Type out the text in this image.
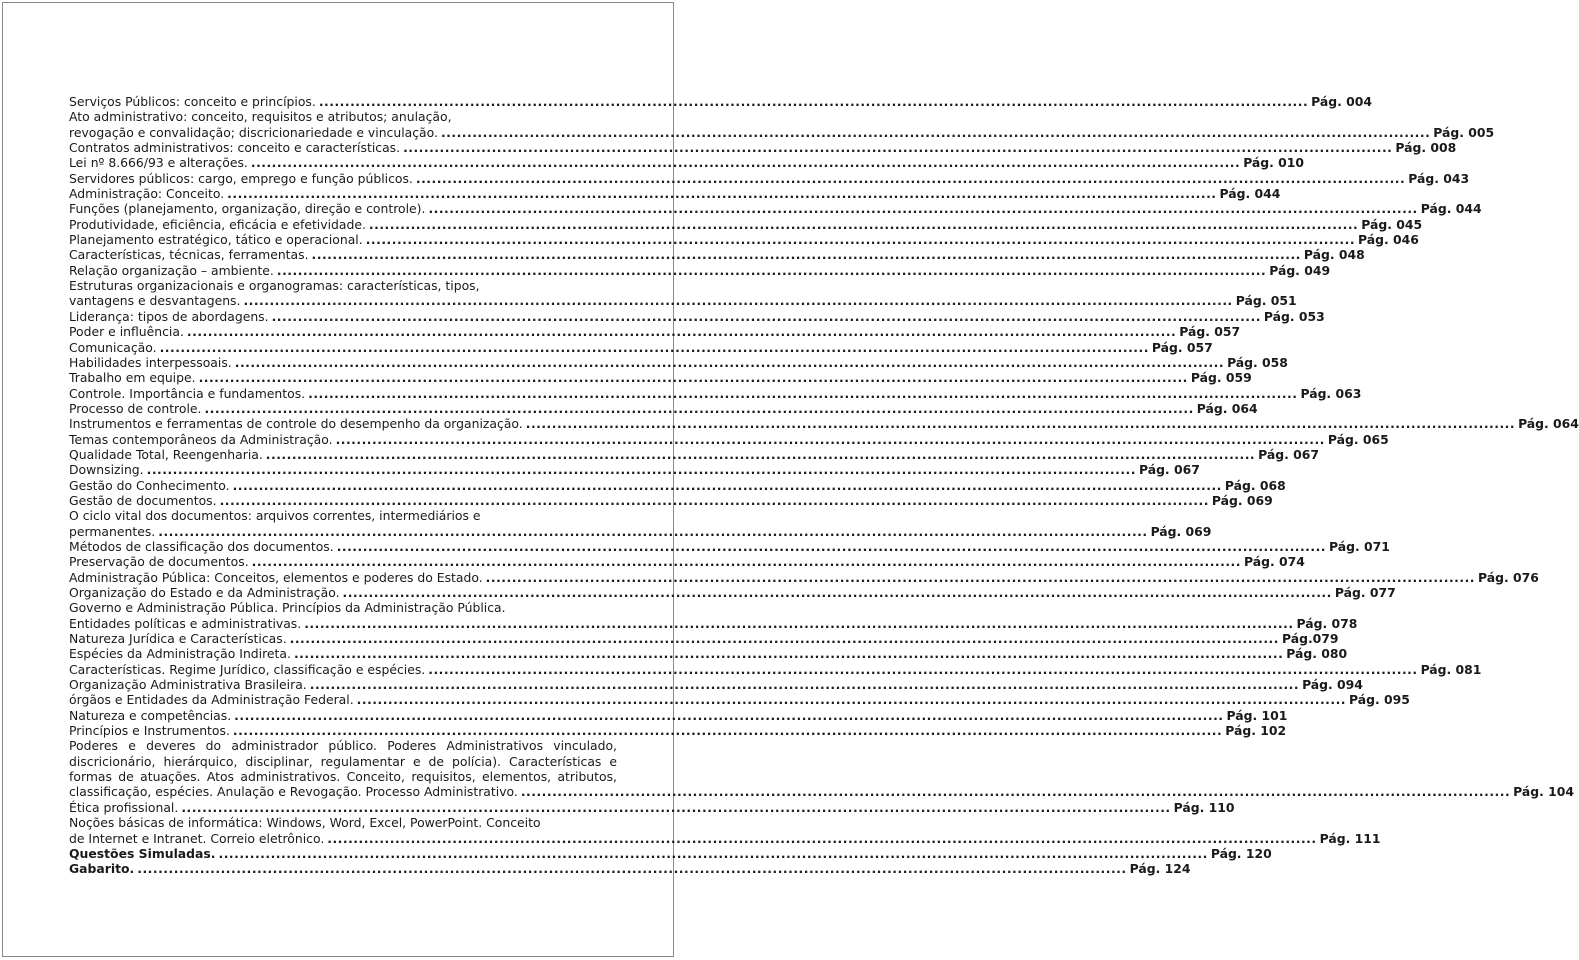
Serviços Públicos: conceito e princípios. .....	Pág. 004
Ato administrativo: conceito, requisitos e atributos; anulação,
revogação e convalidação; discricionariedade e vinculação. .....	Pág. 005
Contratos administrativos: conceito e características. .....	Pág. 008
Lei nº 8.666/93 e alterações. .....	Pág. 010
Servidores públicos: cargo, emprego e função públicos. .....	Pág. 043
Administração: Conceito. .....	Pág. 044
Funções (planejamento, organização, direção e controle). .....	Pág. 044
Produtividade, eficiência, eficácia e efetividade. .....	Pág. 045
Planejamento estratégico, tático e operacional. .....	Pág. 046
Características, técnicas, ferramentas. .....	Pág. 048
Relação organização – ambiente. .....	Pág. 049
Estruturas organizacionais e organogramas: características, tipos,
vantagens e desvantagens. .....	Pág. 051
Liderança: tipos de abordagens. .....	Pág. 053
Poder e influência. .....	Pág. 057
Comunicação. .....	Pág. 057
Habilidades interpessoais. .....	Pág. 058
Trabalho em equipe. .....	Pág. 059
Controle. Importância e fundamentos. .....	Pág. 063
Processo de controle. .....	Pág. 064
Instrumentos e ferramentas de controle do desempenho da organização. .....	Pág. 064
Temas contemporâneos da Administração. .....	Pág. 065
Qualidade Total, Reengenharia. .....	Pág. 067
Downsizing. .....	Pág. 067
Gestão do Conhecimento. .....	Pág. 068
Gestão de documentos. .....	Pág. 069
O ciclo vital dos documentos: arquivos correntes, intermediários e
permanentes. .....	Pág. 069
Métodos de classificação dos documentos. .....	Pág. 071
Preservação de documentos. .....	Pág. 074
Administração Pública: Conceitos, elementos e poderes do Estado. .....	Pág. 076
Organização do Estado e da Administração. .....	Pág. 077
Governo e Administração Pública. Princípios da Administração Pública.
Entidades políticas e administrativas. .....	Pág. 078
Natureza Jurídica e Características. .....	Pág.079
Espécies da Administração Indireta. .....	Pág. 080
Características. Regime Jurídico, classificação e espécies. .....	Pág. 081
Organização Administrativa Brasileira. .....	Pág. 094
órgãos e Entidades da Administração Federal. .....	Pág. 095
Natureza e competências. .....	Pág. 101
Princípios e Instrumentos. .....	Pág. 102
Poderes e deveres do administrador público. Poderes Administrativos vinculado,
discricionário, hierárquico, disciplinar, regulamentar e de polícia). Características e
formas de atuações. Atos administrativos. Conceito, requisitos, elementos, atributos,
classificação, espécies. Anulação e Revogação. Processo Administrativo. .....	Pág. 104
Ética profissional. .....	Pág. 110
Noções básicas de informática: Windows, Word, Excel, PowerPoint. Conceito
de Internet e Intranet. Correio eletrônico. .....	Pág. 111
Questões Simuladas. .....	Pág. 120
Gabarito. .....	Pág. 124
